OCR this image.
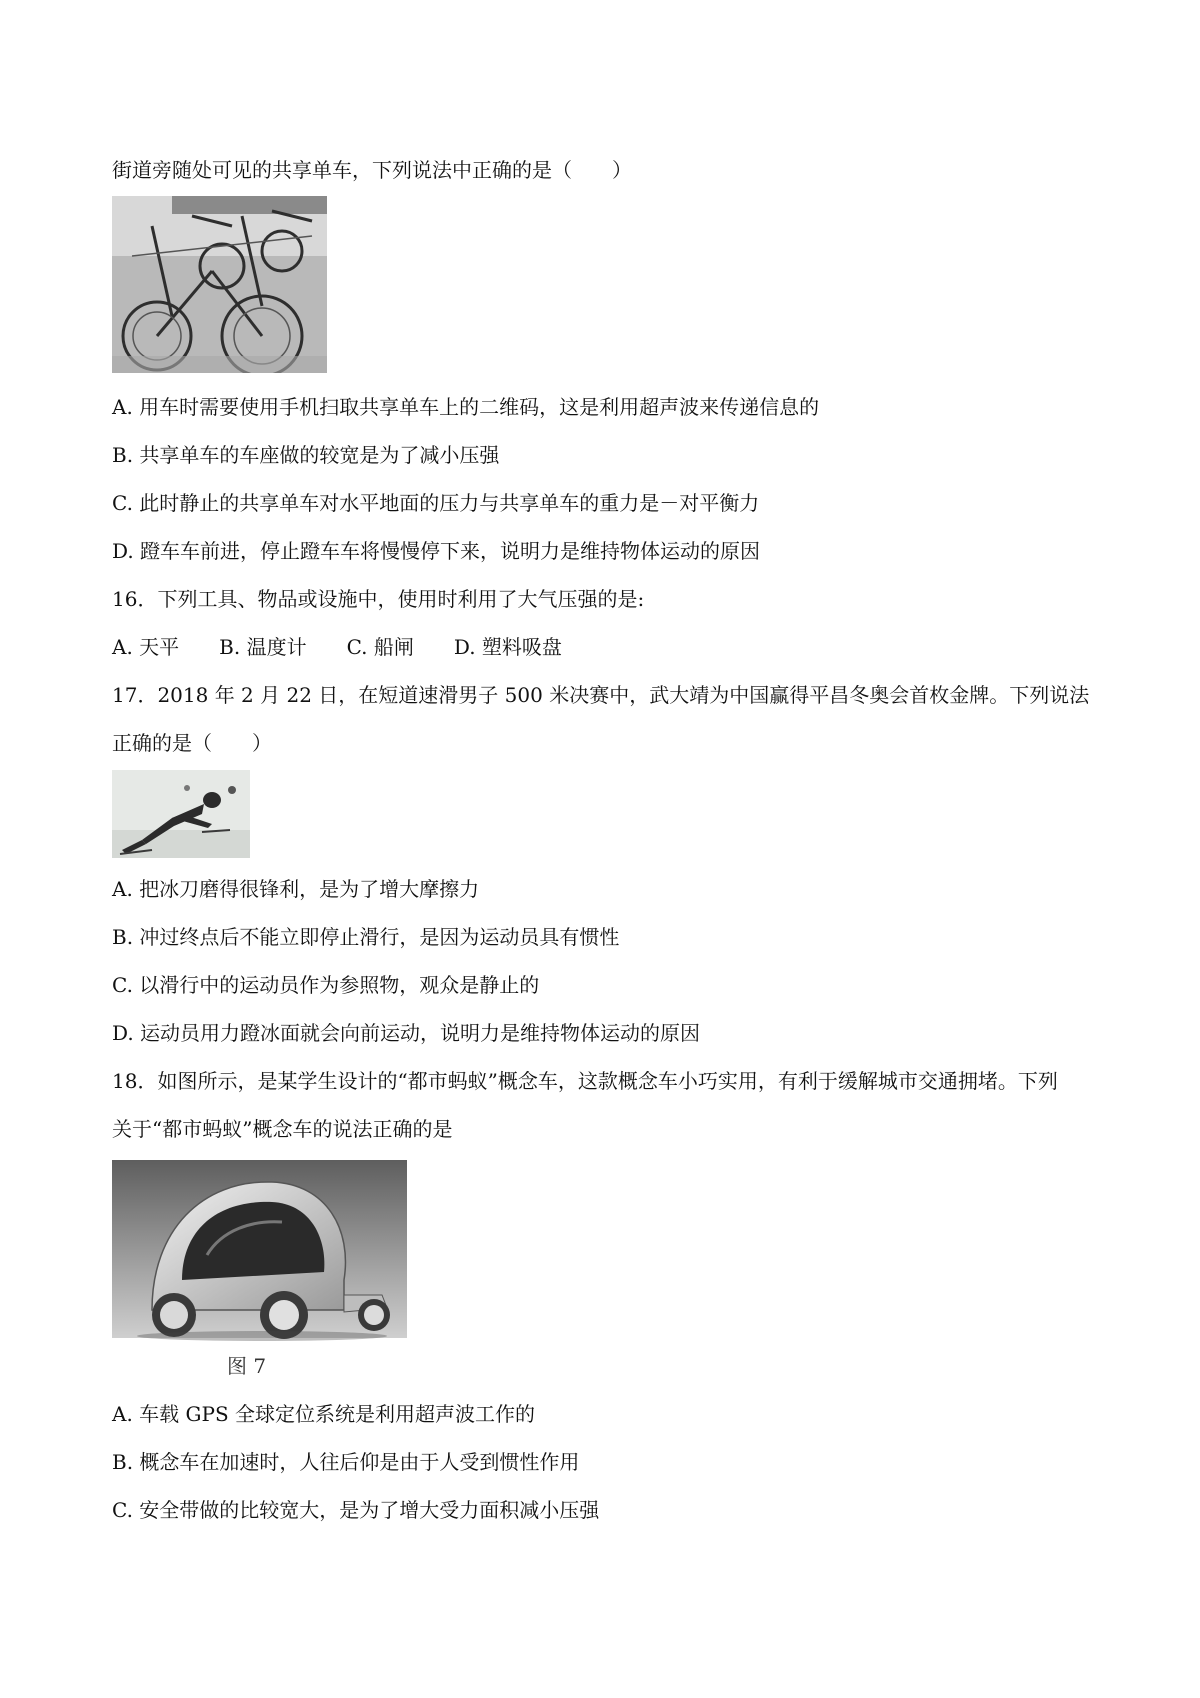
街道旁随处可见的共享单车，下列说法中正确的是（　　）
A. 用车时需要使用手机扫取共享单车上的二维码，这是利用超声波来传递信息的
B. 共享单车的车座做的较宽是为了减小压强
C. 此时静止的共享单车对水平地面的压力与共享单车的重力是－对平衡力
D. 蹬车车前进，停止蹬车车将慢慢停下来，说明力是维持物体运动的原因
16．下列工具、物品或设施中，使用时利用了大气压强的是:
A. 天平　　B. 温度计　　C. 船闸　　D. 塑料吸盘
17．2018 年 2 月 22 日，在短道速滑男子 500 米决赛中，武大靖为中国赢得平昌冬奥会首枚金牌。下列说法
正确的是（　　）
A. 把冰刀磨得很锋利，是为了增大摩擦力
B. 冲过终点后不能立即停止滑行，是因为运动员具有惯性
C. 以滑行中的运动员作为参照物，观众是静止的
D. 运动员用力蹬冰面就会向前运动，说明力是维持物体运动的原因
18．如图所示，是某学生设计的“都市蚂蚁”概念车，这款概念车小巧实用，有利于缓解城市交通拥堵。下列
关于“都市蚂蚁”概念车的说法正确的是
图 7
A. 车载 GPS 全球定位系统是利用超声波工作的
B. 概念车在加速时，人往后仰是由于人受到惯性作用
C. 安全带做的比较宽大，是为了增大受力面积减小压强
